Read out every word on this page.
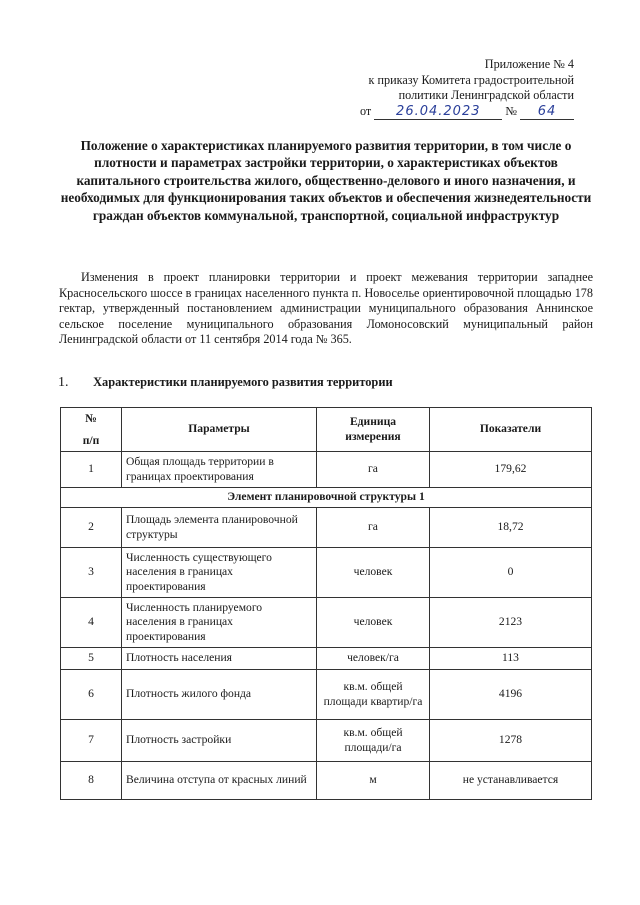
Приложение № 4
к приказу Комитета градостроительной
политики Ленинградской области
от 26.04.2023 № 64
Положение о характеристиках планируемого развития территории, в том числе о плотности и параметрах застройки территории, о характеристиках объектов капитального строительства жилого, общественно-делового и иного назначения, и необходимых для функционирования таких объектов и обеспечения жизнедеятельности граждан объектов коммунальной, транспортной, социальной инфраструктур
Изменения в проект планировки территории и проект межевания территории западнее Красносельского шоссе в границах населенного пункта п. Новоселье ориентировочной площадью 178 гектар, утвержденный постановлением администрации муниципального образования Аннинское сельское поселение муниципального образования Ломоносовский муниципальный район Ленинградской области от 11 сентября 2014 года № 365.
1. Характеристики планируемого развития территории
№
п/п	Параметры	Единица измерения	Показатели
1	Общая площадь территории в границах проектирования	га	179,62
Элемент планировочной структуры 1			
2	Площадь элемента планировочной структуры	га	18,72
3	Численность существующего населения в границах проектирования	человек	0
4	Численность планируемого населения в границах проектирования	человек	2123
5	Плотность населения	человек/га	113
6	Плотность жилого фонда	кв.м. общей площади квартир/га	4196
7	Плотность застройки	кв.м. общей площади/га	1278
8	Величина отступа от красных линий	м	не устанавливается
